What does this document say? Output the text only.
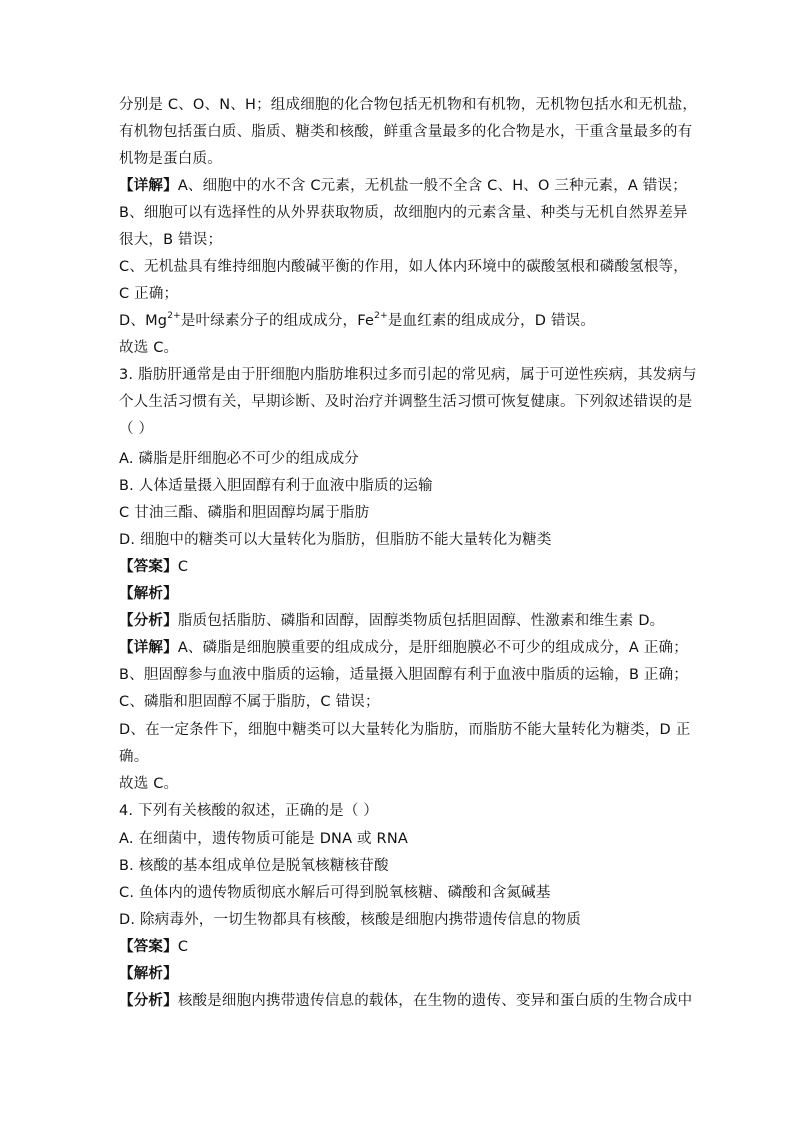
分别是 C、O、N、H；组成细胞的化合物包括无机物和有机物，无机物包括水和无机盐，
有机物包括蛋白质、脂质、糖类和核酸，鲜重含量最多的化合物是水，干重含量最多的有
机物是蛋白质。
【详解】A、细胞中的水不含 C元素，无机盐一般不全含 C、H、O 三种元素，A 错误；
B、细胞可以有选择性的从外界获取物质，故细胞内的元素含量、种类与无机自然界差异
很大，B 错误；
C、无机盐具有维持细胞内酸碱平衡的作用，如人体内环境中的碳酸氢根和磷酸氢根等，
C 正确；
D、$Mg^{2+}$是叶绿素分子的组成成分，$Fe^{2+}$是血红素的组成成分，D 错误。
故选 C。
3. 脂肪肝通常是由于肝细胞内脂肪堆积过多而引起的常见病，属于可逆性疾病，其发病与
个人生活习惯有关，早期诊断、及时治疗并调整生活习惯可恢复健康。下列叙述错误的是
（ ）
A. 磷脂是肝细胞必不可少的组成成分
B. 人体适量摄入胆固醇有利于血液中脂质的运输
C 甘油三酯、磷脂和胆固醇均属于脂肪
D. 细胞中的糖类可以大量转化为脂肪，但脂肪不能大量转化为糖类
【答案】C
【解析】
【分析】脂质包括脂肪、磷脂和固醇，固醇类物质包括胆固醇、性激素和维生素 D。
【详解】A、磷脂是细胞膜重要的组成成分，是肝细胞膜必不可少的组成成分，A 正确；
B、胆固醇参与血液中脂质的运输，适量摄入胆固醇有利于血液中脂质的运输，B 正确；
C、磷脂和胆固醇不属于脂肪，C 错误；
D、在一定条件下，细胞中糖类可以大量转化为脂肪，而脂肪不能大量转化为糖类，D 正
确。
故选 C。
4. 下列有关核酸的叙述，正确的是（ ）
A. 在细菌中，遗传物质可能是 DNA 或 RNA
B. 核酸的基本组成单位是脱氧核糖核苷酸
C. 鱼体内的遗传物质彻底水解后可得到脱氧核糖、磷酸和含氮碱基
D. 除病毒外，一切生物都具有核酸，核酸是细胞内携带遗传信息的物质
【答案】C
【解析】
【分析】核酸是细胞内携带遗传信息的载体，在生物的遗传、变异和蛋白质的生物合成中
